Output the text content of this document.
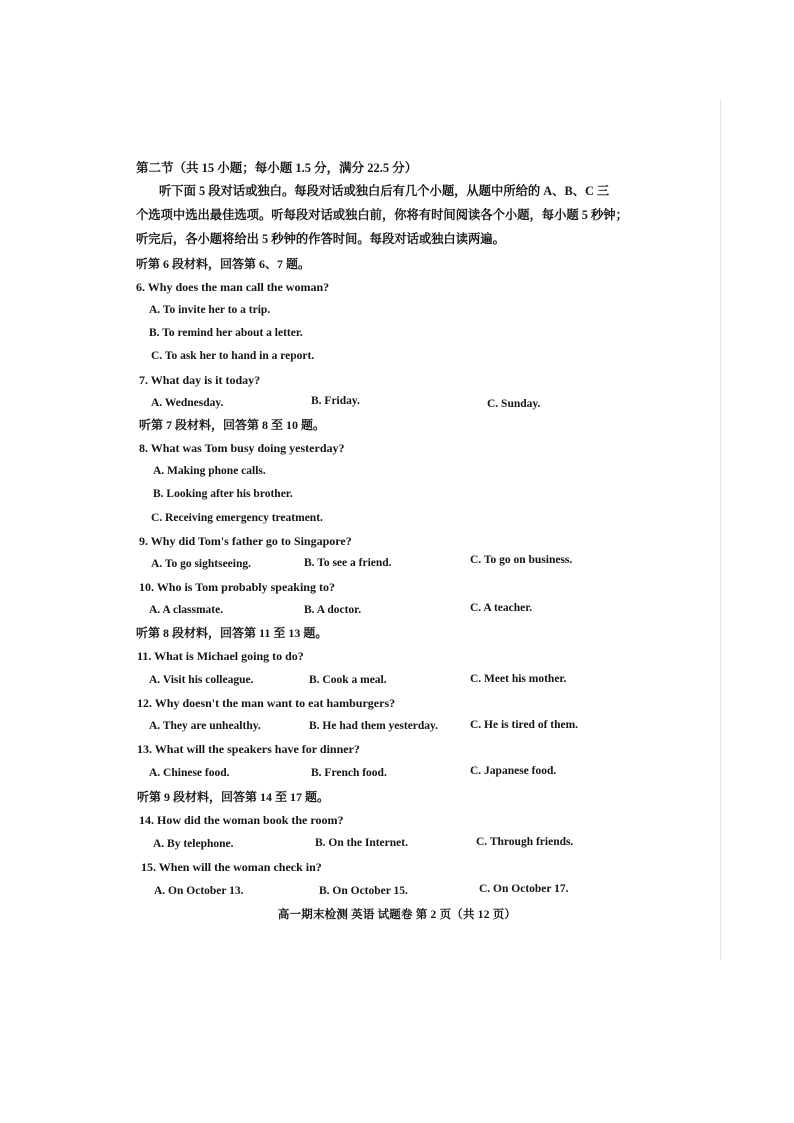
第二节（共 15 小题；每小题 1.5 分，满分 22.5 分）
听下面 5 段对话或独白。每段对话或独白后有几个小题，从题中所给的 A、B、C 三
个选项中选出最佳选项。听每段对话或独白前，你将有时间阅读各个小题，每小题 5 秒钟；
听完后，各小题将给出 5 秒钟的作答时间。每段对话或独白读两遍。
听第 6 段材料，回答第 6、7 题。
6. Why does the man call the woman?
A. To invite her to a trip.
B. To remind her about a letter.
C. To ask her to hand in a report.
7. What day is it today?
A. Wednesday.	B. Friday.	C. Sunday.
听第 7 段材料，回答第 8 至 10 题。
8. What was Tom busy doing yesterday?
A. Making phone calls.
B. Looking after his brother.
C. Receiving emergency treatment.
9. Why did Tom's father go to Singapore?
A. To go sightseeing.	B. To see a friend.	C. To go on business.
10. Who is Tom probably speaking to?
A. A classmate.	B. A doctor.	C. A teacher.
听第 8 段材料，回答第 11 至 13 题。
11. What is Michael going to do?
A. Visit his colleague.	B. Cook a meal.	C. Meet his mother.
12. Why doesn't the man want to eat hamburgers?
A. They are unhealthy.	B. He had them yesterday.	C. He is tired of them.
13. What will the speakers have for dinner?
A. Chinese food.	B. French food.	C. Japanese food.
听第 9 段材料，回答第 14 至 17 题。
14. How did the woman book the room?
A. By telephone.	B. On the Internet.	C. Through friends.
15. When will the woman check in?
A. On October 13.	B. On October 15.	C. On October 17.
高一期末检测 英语 试题卷 第 2 页（共 12 页）
